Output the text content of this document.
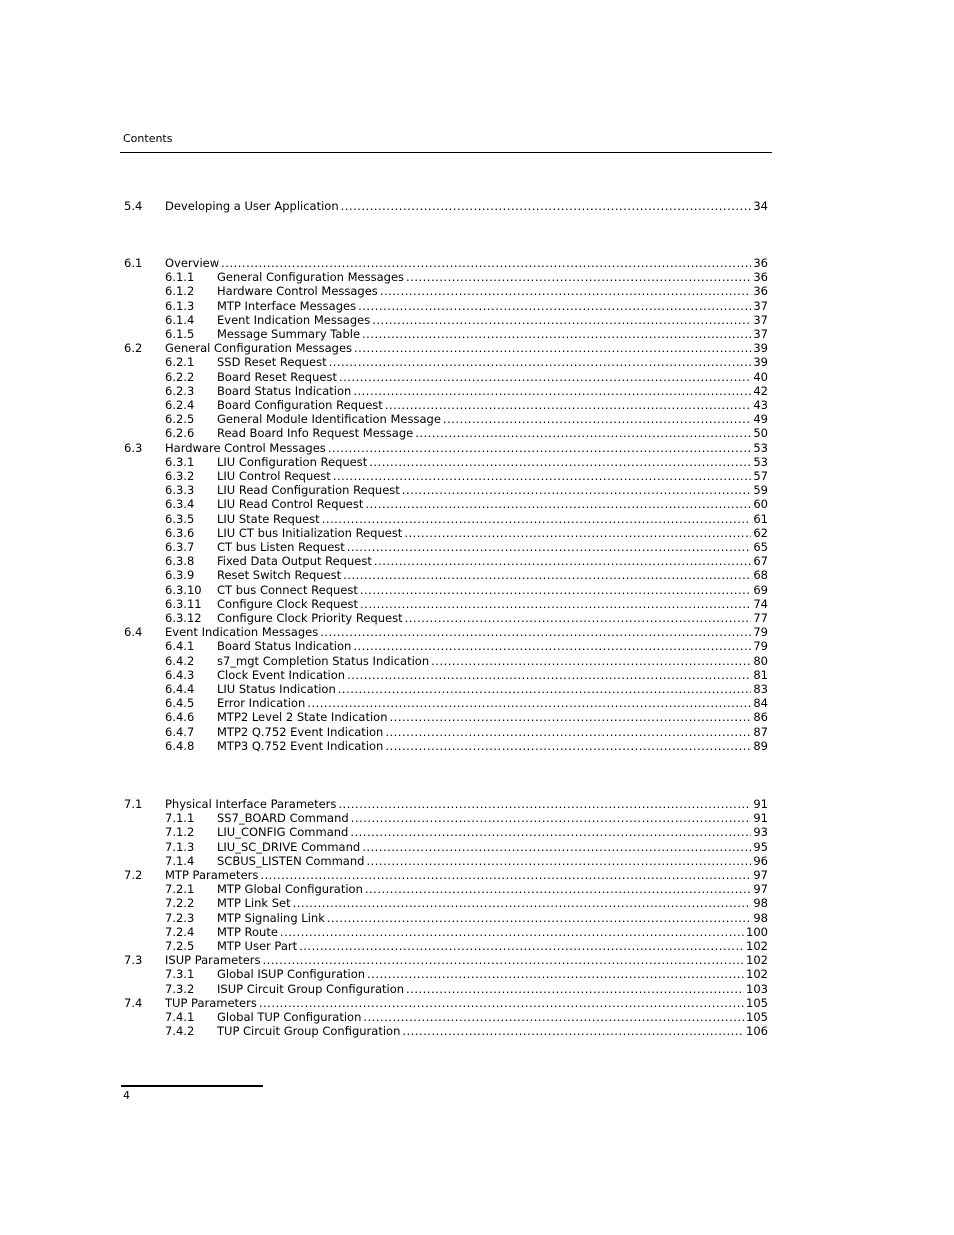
Contents
5.4 Developing a User Application .....	34
6.1 Overview .....	36
6.1.1 General Configuration Messages .....	36
6.1.2 Hardware Control Messages .....	36
6.1.3 MTP Interface Messages .....	37
6.1.4 Event Indication Messages .....	37
6.1.5 Message Summary Table .....	37
6.2 General Configuration Messages .....	39
6.2.1 SSD Reset Request .....	39
6.2.2 Board Reset Request .....	40
6.2.3 Board Status Indication .....	42
6.2.4 Board Configuration Request .....	43
6.2.5 General Module Identification Message .....	49
6.2.6 Read Board Info Request Message .....	50
6.3 Hardware Control Messages .....	53
6.3.1 LIU Configuration Request .....	53
6.3.2 LIU Control Request .....	57
6.3.3 LIU Read Configuration Request .....	59
6.3.4 LIU Read Control Request .....	60
6.3.5 LIU State Request .....	61
6.3.6 LIU CT bus Initialization Request .....	62
6.3.7 CT bus Listen Request .....	65
6.3.8 Fixed Data Output Request .....	67
6.3.9 Reset Switch Request .....	68
6.3.10 CT bus Connect Request .....	69
6.3.11 Configure Clock Request .....	74
6.3.12 Configure Clock Priority Request .....	77
6.4 Event Indication Messages .....	79
6.4.1 Board Status Indication .....	79
6.4.2 s7_mgt Completion Status Indication .....	80
6.4.3 Clock Event Indication .....	81
6.4.4 LIU Status Indication .....	83
6.4.5 Error Indication .....	84
6.4.6 MTP2 Level 2 State Indication .....	86
6.4.7 MTP2 Q.752 Event Indication .....	87
6.4.8 MTP3 Q.752 Event Indication .....	89
7.1 Physical Interface Parameters .....	91
7.1.1 SS7_BOARD Command .....	91
7.1.2 LIU_CONFIG Command .....	93
7.1.3 LIU_SC_DRIVE Command .....	95
7.1.4 SCBUS_LISTEN Command .....	96
7.2 MTP Parameters .....	97
7.2.1 MTP Global Configuration .....	97
7.2.2 MTP Link Set .....	98
7.2.3 MTP Signaling Link .....	98
7.2.4 MTP Route .....	100
7.2.5 MTP User Part .....	102
7.3 ISUP Parameters .....	102
7.3.1 Global ISUP Configuration .....	102
7.3.2 ISUP Circuit Group Configuration .....	103
7.4 TUP Parameters .....	105
7.4.1 Global TUP Configuration .....	105
7.4.2 TUP Circuit Group Configuration .....	106
4
